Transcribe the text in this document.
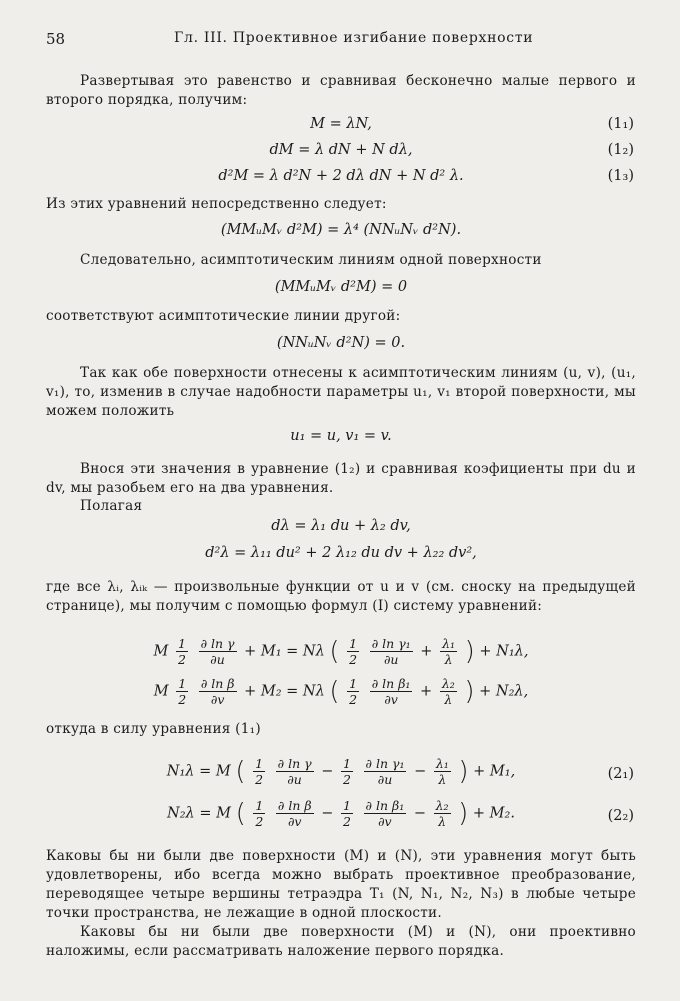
58	Гл. III. Проективное изгибание поверхности
Развертывая это равенство и сравнивая бесконечно малые первого и второго порядка, получим:
M = λN,	(1₁)
dM = λ dN + N dλ,	(1₂)
d²M = λ d²N + 2 dλ dN + N d² λ.	(1₃)
Из этих уравнений непосредственно следует:
(MMᵤMᵥ d²M) = λ⁴ (NNᵤNᵥ d²N).
Следовательно, асимптотическим линиям одной поверхности
(MMᵤMᵥ d²M) = 0
соответствуют асимптотические линии другой:
(NNᵤNᵥ d²N) = 0.
Так как обе поверхности отнесены к асимптотическим линиям (u, v), (u₁, v₁), то, изменив в случае надобности параметры u₁, v₁ второй поверхности, мы можем положить
u₁ = u, v₁ = v.
Внося эти значения в уравнение (1₂) и сравнивая коэфициенты при du и dv, мы разобьем его на два уравнения.
Полагая
dλ = λ₁ du + λ₂ dv,
d²λ = λ₁₁ du² + 2 λ₁₂ du dv + λ₂₂ dv²,
где все λᵢ, λᵢₖ — произвольные функции от u и v (см. сноску на предыдущей странице), мы получим с помощью формул (I) систему уравнений:
M $\frac{1}{2}$
$\frac{\text{∂ ln γ}}{\partial u} + M_1 = N\lambda$ ( $\frac{1}{2}$
$\frac{\text{∂ ln γ₁}}{\partial u} + \frac{\text{λ₁}}{\lambda}$ ) + N₁λ,
M $\frac{1}{2}$
$\frac{\text{∂ ln β}}{\partial v} + M_2 = N\lambda$ ( $\frac{1}{2}$
$\frac{\text{∂ ln β₁}}{\partial v} + \frac{\text{λ₂}}{\lambda}$ ) + N₂λ,
откуда в силу уравнения (1₁)
N₁λ = M ( $\frac{1}{2}$
$\frac{\text{∂ ln γ}}{\partial u} - \frac{1}{2}$
$\frac{\text{∂ ln γ₁}}{\partial u} - \frac{\text{λ₁}}{\lambda}$ ) + M₁,	(2₁)
N₂λ = M ( $\frac{1}{2}$
$\frac{\text{∂ ln β}}{\partial v} - \frac{1}{2}$
$\frac{\text{∂ ln β₁}}{\partial v} - \frac{\text{λ₂}}{\lambda}$ ) + M₂.	(2₂)
Каковы бы ни были две поверхности (M) и (N), эти уравнения могут быть удовлетворены, ибо всегда можно выбрать проективное преобразование, переводящее четыре вершины тетраэдра T₁ (N, N₁, N₂, N₃) в любые четыре точки пространства, не лежащие в одной плоскости.
Каковы бы ни были две поверхности (M) и (N), они проективно наложимы, если рассматривать наложение первого порядка.
